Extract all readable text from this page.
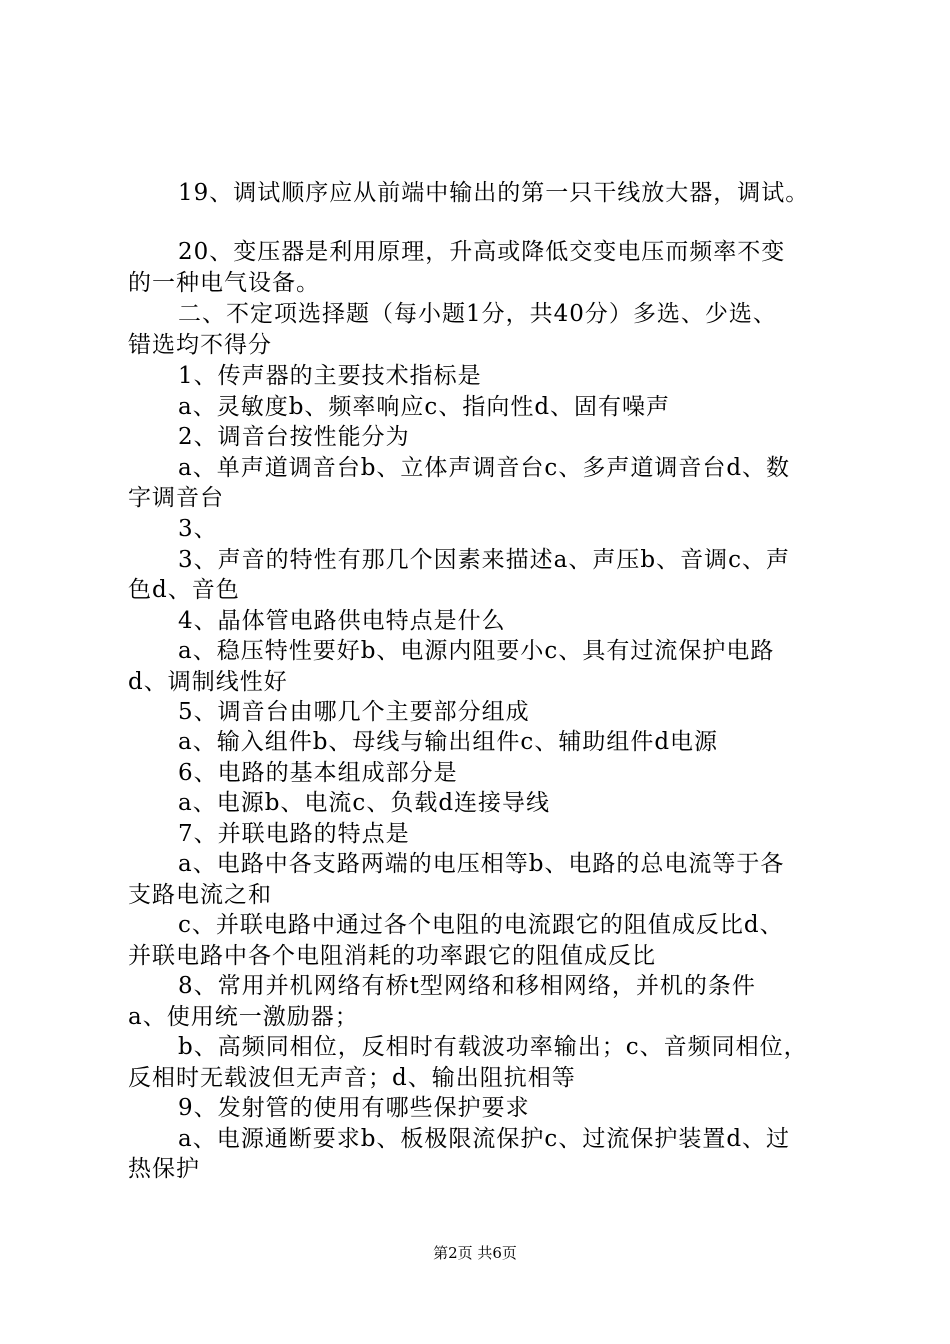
19、调试顺序应从前端中输出的第一只干线放大器，调试。
20、变压器是利用原理，升高或降低交变电压而频率不变
的一种电气设备。
二、不定项选择题（每小题1分，共40分）多选、少选、
错选均不得分
1、传声器的主要技术指标是
a、灵敏度b、频率响应c、指向性d、固有噪声
2、调音台按性能分为
a、单声道调音台b、立体声调音台c、多声道调音台d、数
字调音台
3、
3、声音的特性有那几个因素来描述a、声压b、音调c、声
色d、音色
4、晶体管电路供电特点是什么
a、稳压特性要好b、电源内阻要小c、具有过流保护电路
d、调制线性好
5、调音台由哪几个主要部分组成
a、输入组件b、母线与输出组件c、辅助组件d电源
6、电路的基本组成部分是
a、电源b、电流c、负载d连接导线
7、并联电路的特点是
a、电路中各支路两端的电压相等b、电路的总电流等于各
支路电流之和
c、并联电路中通过各个电阻的电流跟它的阻值成反比d、
并联电路中各个电阻消耗的功率跟它的阻值成反比
8、常用并机网络有桥t型网络和移相网络，并机的条件
a、使用统一激励器；
b、高频同相位，反相时有载波功率输出；c、音频同相位，
反相时无载波但无声音；d、输出阻抗相等
9、发射管的使用有哪些保护要求
a、电源通断要求b、板极限流保护c、过流保护装置d、过
热保护
第2页 共6页
